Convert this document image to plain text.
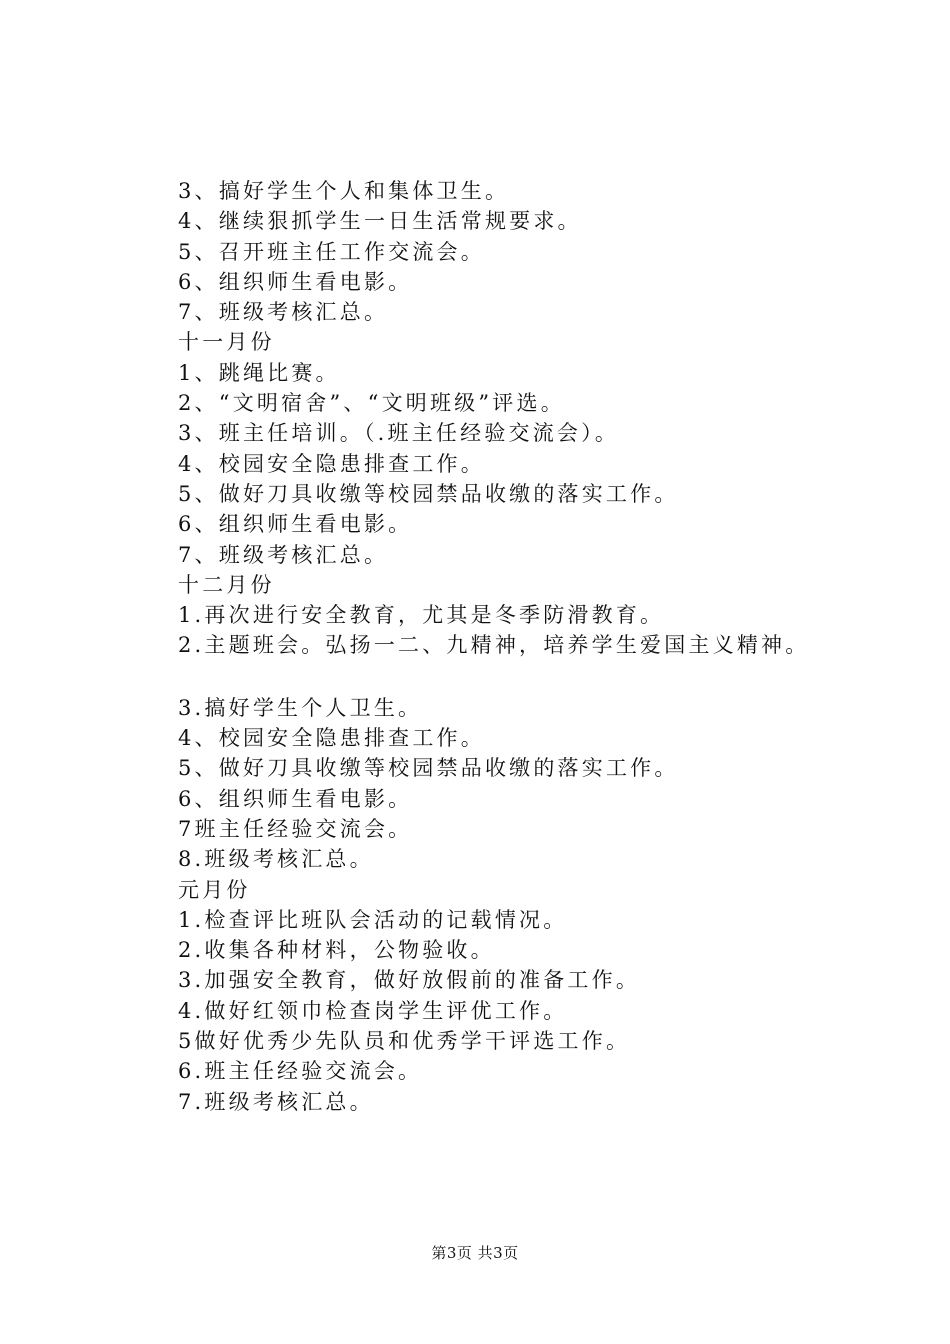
3、搞好学生个人和集体卫生。
4、继续狠抓学生一日生活常规要求。
5、召开班主任工作交流会。
6、组织师生看电影。
7、班级考核汇总。
十一月份
1、跳绳比赛。
2、“文明宿舍”、“文明班级”评选。
3、班主任培训。（.班主任经验交流会）。
4、校园安全隐患排查工作。
5、做好刀具收缴等校园禁品收缴的落实工作。
6、组织师生看电影。
7、班级考核汇总。
十二月份
1.再次进行安全教育，尤其是冬季防滑教育。
2.主题班会。弘扬一二、九精神，培养学生爱国主义精神。
3.搞好学生个人卫生。
4、校园安全隐患排查工作。
5、做好刀具收缴等校园禁品收缴的落实工作。
6、组织师生看电影。
7班主任经验交流会。
8.班级考核汇总。
元月份
1.检查评比班队会活动的记载情况。
2.收集各种材料，公物验收。
3.加强安全教育，做好放假前的准备工作。
4.做好红领巾检查岗学生评优工作。
5做好优秀少先队员和优秀学干评选工作。
6.班主任经验交流会。
7.班级考核汇总。
第3页 共3页
